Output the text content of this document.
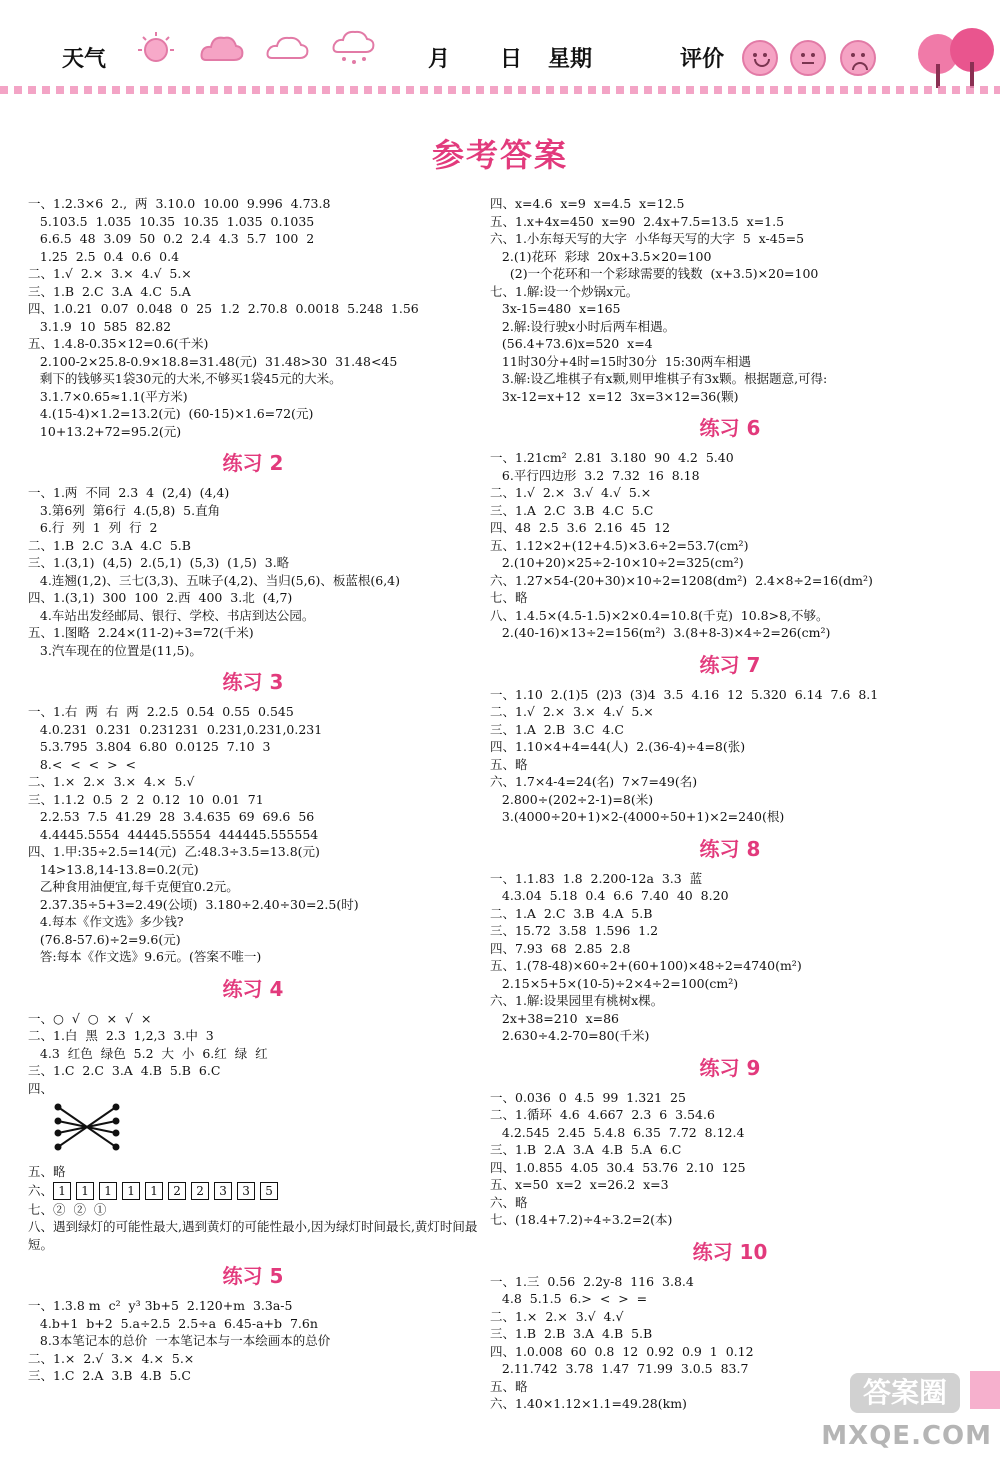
天气	月 日 星期	评价
参考答案
一、1.2.3×6  2.,  两  3.10.0  10.00  9.996  4.73.8
5.103.5  1.035  10.35  10.35  1.035  0.1035
6.6.5  48  3.09  50  0.2  2.4  4.3  5.7  100  2
1.25  2.5  0.4  0.6  0.4
二、1.√  2.×  3.×  4.√  5.×
三、1.B  2.C  3.A  4.C  5.A
四、1.0.21  0.07  0.048  0  25  1.2  2.70.8  0.0018  5.248  1.56
3.1.9  10  585  82.82
五、1.4.8-0.35×12=0.6(千米)
2.100-2×25.8-0.9×18.8=31.48(元)  31.48>30  31.48<45
剩下的钱够买1袋30元的大米,不够买1袋45元的大米。
3.1.7×0.65≈1.1(平方米)
4.(15-4)×1.2=13.2(元)  (60-15)×1.6=72(元)
10+13.2+72=95.2(元)
练习 2
一、1.两  不同  2.3  4  (2,4)  (4,4)
3.第6列  第6行  4.(5,8)  5.直角
6.行  列  1  列  行  2
二、1.B  2.C  3.A  4.C  5.B
三、1.(3,1)  (4,5)  2.(5,1)  (5,3)  (1,5)  3.略
4.连翘(1,2)、三七(3,3)、五味子(4,2)、当归(5,6)、板蓝根(6,4)
四、1.(3,1)  300  100  2.西  400  3.北  (4,7)
4.车站出发经邮局、银行、学校、书店到达公园。
五、1.图略  2.24×(11-2)÷3=72(千米)
3.汽车现在的位置是(11,5)。
练习 3
一、1.右  两  右  两  2.2.5  0.54  0.55  0.545
4.0.231  0.231  0.231231  0.231,0.231,0.231
5.3.795  3.804  6.80  0.0125  7.10  3
8.<  <  <  >  <
二、1.×  2.×  3.×  4.×  5.√
三、1.1.2  0.5  2  2  0.12  10  0.01  71
2.2.53  7.5  41.29  28  3.4.635  69  69.6  56
4.4445.5554  44445.55554  444445.555554
四、1.甲:35÷2.5=14(元)  乙:48.3÷3.5=13.8(元)
14>13.8,14-13.8=0.2(元)
乙种食用油便宜,每千克便宜0.2元。
2.37.35÷5+3=2.49(公顷)  3.180÷2.40÷30=2.5(时)
4.每本《作文选》多少钱?
(76.8-57.6)÷2=9.6(元)
答:每本《作文选》9.6元。(答案不唯一)
练习 4
一、○  √  ○  ×  √  ×
二、1.白  黑  2.3  1,2,3  3.中  3
4.3  红色  绿色  5.2  大  小  6.红  绿  红
三、1.C  2.C  3.A  4.B  5.B  6.C
四、
五、略
六、 1	1	1	1	1	2	2	3	3	5
七、②  ②  ①
八、遇到绿灯的可能性最大,遇到黄灯的可能性最小,因为绿灯时间最长,黄灯时间最短。
练习 5
一、1.3.8 m  c²  y³ 3b+5  2.120+m  3.3a-5
4.b+1  b+2  5.a÷2.5  2.5÷a  6.45-a+b  7.6n
8.3本笔记本的总价  一本笔记本与一本绘画本的总价
二、1.×  2.√  3.×  4.×  5.×
三、1.C  2.A  3.B  4.B  5.C
四、x=4.6  x=9  x=4.5  x=12.5
五、1.x+4x=450  x=90  2.4x+7.5=13.5  x=1.5
六、1.小东每天写的大字  小华每天写的大字  5  x-45=5
2.(1)花环  彩球  20x+3.5×20=100
(2)一个花环和一个彩球需要的钱数  (x+3.5)×20=100
七、1.解:设一个炒锅x元。
3x-15=480  x=165
2.解:设行驶x小时后两车相遇。
(56.4+73.6)x=520  x=4
11时30分+4时=15时30分  15:30两车相遇
3.解:设乙堆棋子有x颗,则甲堆棋子有3x颗。根据题意,可得:
3x-12=x+12  x=12  3x=3×12=36(颗)
练习 6
一、1.21cm²  2.81  3.180  90  4.2  5.40
6.平行四边形  3.2  7.32  16  8.18
二、1.√  2.×  3.√  4.√  5.×
三、1.A  2.C  3.B  4.C  5.C
四、48  2.5  3.6  2.16  45  12
五、1.12×2+(12+4.5)×3.6÷2=53.7(cm²)
2.(10+20)×25÷2-10×10÷2=325(cm²)
六、1.27×54-(20+30)×10÷2=1208(dm²)  2.4×8÷2=16(dm²)
七、略
八、1.4.5×(4.5-1.5)×2×0.4=10.8(千克)  10.8>8,不够。
2.(40-16)×13÷2=156(m²)  3.(8+8-3)×4÷2=26(cm²)
练习 7
一、1.10  2.(1)5  (2)3  (3)4  3.5  4.16  12  5.320  6.14  7.6  8.1
二、1.√  2.×  3.×  4.√  5.×
三、1.A  2.B  3.C  4.C
四、1.10×4+4=44(人)  2.(36-4)÷4=8(张)
五、略
六、1.7×4-4=24(名)  7×7=49(名)
2.800÷(202÷2-1)=8(米)
3.(4000÷20+1)×2-(4000÷50+1)×2=240(根)
练习 8
一、1.1.83  1.8  2.200-12a  3.3  蓝
4.3.04  5.18  0.4  6.6  7.40  40  8.20
二、1.A  2.C  3.B  4.A  5.B
三、15.72  3.58  1.596  1.2
四、7.93  68  2.85  2.8
五、1.(78-48)×60÷2+(60+100)×48÷2=4740(m²)
2.15×5+5×(10-5)÷2×4÷2=100(cm²)
六、1.解:设果园里有桃树x棵。
2x+38=210  x=86
2.630÷4.2-70=80(千米)
练习 9
一、0.036  0  4.5  99  1.321  25
二、1.循环  4.6  4.667  2.3  6  3.54.6
4.2.545  2.45  5.4.8  6.35  7.72  8.12.4
三、1.B  2.A  3.A  4.B  5.A  6.C
四、1.0.855  4.05  30.4  53.76  2.10  125
五、x=50  x=2  x=26.2  x=3
六、略
七、(18.4+7.2)÷4÷3.2=2(本)
练习 10
一、1.三  0.56  2.2y-8  116  3.8.4
4.8  5.1.5  6.>  <  >  =
二、1.×  2.×  3.√  4.√
三、1.B  2.B  3.A  4.B  5.B
四、1.0.008  60  0.8  12  0.92  0.9  1  0.12
2.11.742  3.78  1.47  71.99  3.0.5  83.7
五、略
六、1.40×1.12×1.1=49.28(km)	答案圈
MXQE.COM
